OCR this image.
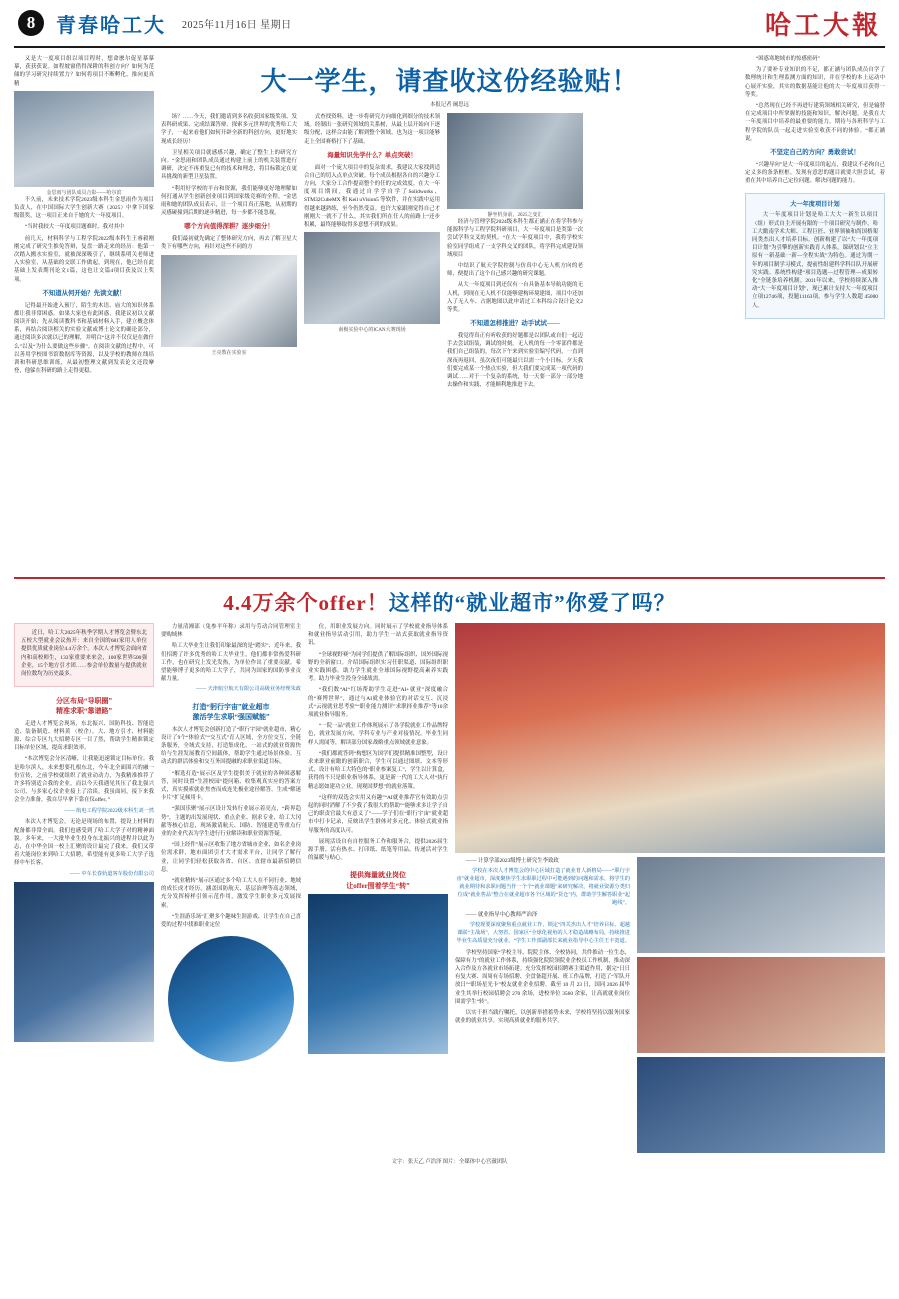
8	青春哈工大 2025年11月16日 星期日	哈工大報

又是大一度项目组以项目程时，想命麽尔促星摹摹摹，获获获说。如程坡窗借得深耕的科创方向？如何为范储的学习研究持续置力？如何将项目不断孵化、推向更真精

金思雨与团队成员合影——哈尔滨

不久前，未来技术学院2023级本科生金思雨作为项目负责人，在中国国际大学生创新大赛（2025）中拿下国家级银奖，这一项目正来自于她的大一年度项目。

“当时我较大一年度项目题难时，我对其中

前几天，材料科学与工程学院2022级本科生王睿毅刚刚完成了研究生推免答辩，复盘一路走来的经历：他第一次踏入搬水实验室，就被深深吸引了，继续系明关老师进入实验室，从基础的交联工作做起，到现在，他已经在此基础上发表期刊论文1篇，这也让文篇4项目获及以上奖项。

不知道从何开始？先读文献！

记得最开始进入预厅，陌生的木语、庙大的知识体系都让我非常困惑。如果大家也有此困惑，我建议初以文献阅读开始；先从阅读教科书和基础材料入手，建立概念体系，再结合阅读相关的实验文献或博士论文的确论部分，通过阅读多次就以已的理解，并明白“这并不仅仅是在做什么”以及“为什么要做这些步骤”。在阅读文献的过程中，可以善用学校图书馆数据库等资源，以及学校的教师在线培训和科研思维训练，从最初整理文献到发表论文还段摩登，他躲在科研的路上走得更稳。

大一学生，请查收这份经验贴！
本报记者 阚思远

场？……今天，我们邀请到多名收获国家级奖项、发表科研成果、完成结课答辩、探索多元世界的优秀哈工大学子，一起来看他们如何开辟全新的科创方向，更好地实现成长经历！

卫星相关项目就感感兴趣，确定了整生上的研究方向。“金思雨和团队成员通过构建上前上的机关装置进行调研，决定不再重复已有的技术和理念，将目标锁定在更具挑战的新型卫星装置。

“利用好学校的平台和资源，我们能够更好地理解如何打通从学生创新创业项目到国家级竞赛的全程。“金思雨和她的团队成员表示，让一个项目真正落地，从初期的灵感碰撞到后期的逐步精进，每一步都不能忽视。

哪个方向值得深耕？逐步细分！

我们最初就先确定了整体研究方向，再去了解卫星大类下有哪些方向，再针对这些不同的方

王亮教在实验室

式查找资料，进一步将研究方向细化到细分的技术领域。经制出一张研究领域的关系树，从最上层开始向下逐级分配，这样合由能了解到整个领域，也为这一项目能够走上全国赛格打下了基础。

海量知识先学什么？单点突破！

面对一个庞大项目中的复杂需求，我建议大家找到适合自己的切入点单点突破。每个成员根据各自的兴趣分工方向，大家分工合作提高整个的任的完成效度。在大一年度项目期间，我通过自学学自学了Solidworks、STM32CubeMX 和 Keil uVision5 等软件，并在实践中运用得越来越熟练，至今仍然受益。也许大家跟刚觉得自己才刚刚大一就不了什么，其实我们所在任人的前路上“还步积累，最终能够取得多意想不到的成果。

南极实验中心的ICAN大赛现场
静坐机身前，2025之变汇

经济与管理学院2024级本科生都正涵正在将学科参与能源科学与工程学院科研项目，大一年度项目是类第一次尝试学科交叉的契机。“在大一年度项目中，我将学校实验室同学组成了一支学科交叉的团队，将学科完成建设领域项目

中结识了航天学院控制与仿真中心无人机方向的老师，便提出了这个自己感兴趣的研究课题。

从大一年度项目到还仅有一台具备基本导航功能的无人机，到现在无人机不仅能够建构环境建图，项目中还加入了无人车、占据地图以此申请过工本科综合设计论文2等奖。

不知道怎样推进？动手试试——

我觉得真正有听收获的好题都是以团队或自们一起迈手去尝试组装，调试的时刻。无人机的每一个零部件都是我们自己组装的，每次下午来到实验室编写代码，一直到深夜再返回，虽次夜们可能最只以需一个小日标。夕天我们要完成某一个热点实验，但大我们要完成某一项代码的调试……对于一个复杂的系统，每一天要一部分一部分地去操作和实践，才能顺利地推进下去。

“困惑寒地域市的惊感密码”

为了要补专业知识的不足，都正涵与团队成员自学了数理统计和生理监测方面的知识，并在学校的本上运动中心展开实验，其实的数据基能让他的大一年度项目获得一等奖。

“总然现在已经不再进行建筑领域相关研究，但是输替在完成项目中所掌握的技能和知识，解决问题，是我在大一年度项目中培养的最重要的能力，期待与各班科学与工程学院的队员一起走进实验室收获不同的体验。“都正涵说。

不坚定自己的方向？勇敢尝试！

“兴趣导向”是大一年度项目的起点，我建议不必拘自己定义多的条条框框。发现有意思的题目就要大胆尝试，着重在其中培养自己定位问题、解决问题的能力。

大一年度项目计划

大一年度项目计划是哈工大大一新生以项目（组）形式自主开展有限的一个项目研究与制作。哈工大瞻南学术大师、工程巨匠、业界领袖和尚国格架同类杰出人才培养目标。创新构建了以“大一年度项目计划”为引擎的创新实践育人体系，课研划以“立主原有一新基础一新—全程实战”为特色。通过为期一年的项目制学习模式，提前性组建科学科目队开展研究实践。系统性构建“项目选题—过程管理—成果转化”全链条培养机制。2011年以来，学校持续深入推动“大一年度项目计划”，现已累计支持大一年度项目立项12746项，投题11163项，参与学生人数超 45000 人。

4.4万余个offer！这样的“就业超市”你爱了吗？

近日，哈工大2025年秋季学期人才博览会暨东北五校大型就业会议热开：来自全国的681家用人单位提供优质就业岗位4.4万余个。本次人才博览会面向省内和高校师生，133家重要来来会，100家世界500强企业，15个地方引才团……参会单位数量与提供就业岗位数均为历史最多。

分区布局“导职圈”
精准求职“靠谱路”

走进人才博览会现场，东北振兴、国防科技、智能造造、装备制造、材料黄 （校企），大、地方引才、材料能源、综合专区九大招聘专区一目了然，帮助学生精准锁定目标单位区域，提高求职效率。

“本次博览会分区清晰，让我能迅速锁定目标单位。我是哈尔滨人，未来想要扎根东北，今年北全面围兴的融一份宣传，之前学校就组织了就业动动力，为我精准推荐了许多特别适合我的企业，而以今天我遇见其压了我北强兴公司，与多家心仪企业接上了洽谈，我虽面同，接下来我会全力准备，我自尽早拿下靠在仪offer。”

—— 航电工程学院2022级本科生刘一然

本次人才博览会，无论是现场的布置，提设上材料的配备都非常全面。我们也感受到了哈工大学子对的精神面貌。多年来，一大批毕业生投身东北振兴的进程并以此为志，在中华全国一校上汇聚的设计最完了我来。我们又带着大能岗位来到哈工大招聘，希望能有更多哈工大学子选择中车长客。

—— 中车长春轨道客车股份有限公司

力量清湘部（兔参平年称）录用与劳动合同管理室主要购域林

哈工大毕业生让我们印象最深的是“踏实”、近年来，我们招聘了许多优秀的哈工大毕业生，他们都非常热爱科研工作，也在研究上发光发热，为单位作出了重要贡献。希望能够博子更多的哈工大学子，共同为国家的国防事业贡献力量。

—— 天津航空航天有限公司高级业务经理朱政

打造“躬行宇宙”就业超市
激活学生求职“强国赋能”

本次人才博览会创新打造了“职行宇园”就业超市，精心设计了9个“体验式”“交互式”育人区域，全方位交互，全链条服务，全域式支持，打造集成化、一站式的就业资源快给与生涯发展教育空间载体，帮助学生通过场景体验、互动式的群活体验和交互务国提融的求职业渠道目标。

“解选打造“展示区及学生提供美于就业的各种困惑解答，同时设置“生涯校园”提问箱、收集观真实应的答案方式，真实摸索就业焦查而成连先极业途径解答，生成“解迷卡片”扩足倾用卡。

“强国乐聚”展示区设计发转行业展示着亮点，“跨界趋势”，主题的出发展现状、重点企业、据求专业，给工大冈献等核心信息，现场激请航天、国防、智能建造等重点行业的企业代表为学生进行行业解读和职业资源答疑。

“国上经件”展示区收集了地方省城市企业、如名企业岗位需求群，地市面团引才大才需求平台，让同学了解行业，让同学们轻松获取各省、自区、直辖市最新招聘信息。

“就业精转”展示区通过多个哈工大人在不同行业、地域的成长成才经历，涵盖国防航天、基层治理等高志领域，充分发挥榜样引领示范作用，激发学生职业多元发展探索。

“生涯游乐场”汇聚多个趣味生涯游戏、让学生在自己喜爱的过程中找准职业定位

位，用职业发展方向。同时展示了学校就业指导体系和就业指导活动引用，助力学生一站式获取就业指导资讯。

“全球视野赛”为同学们提供了解国际组织、国外国际视野的全新窗口。介绍国际组织实习任职渠道、国际组织职业实践困惑。助力学生就业全球国际视野提高素养实践考。助力毕业生投身全球战需。

“我们数“AI“红场帮助学生走进“AI+就业”深度融合的“赛博世界”，通过与AI就业体验官的对话交互、沉浸式“云视就业思考验”“职业能力测评”求职择业推荐”等10余项就业指导服务。

“一院一品”就业工作体现展示了各学院就业工作品牌特色，就业发展方向，学科专业与产业对接情况，毕业生同样人需闻等，解读部分国家战略重点领域就业意象。

“我们都就答到“构想区为国学们提供精准国整型，设计求来职业前瞻的创新职合，学生可以通过图填、文本等形式、设计有哈工大特色的“职业参案复工”，学生以计算盒，获得的不只是职业指导体系，更是新一代的工大人对“执行精志愿如建功立业，现观国梦想”的就业落策。

“这样的双选会实用又有趣”“AI就业推荐官有效助点引起的同时消解了不少我了我很大的帮助”“能够求多让学子自己的职责官最大有意义了”——学子们在“职行宇宙”就业超市中打卡记录，反映出学生群体对多元化、体验式就业指导服务的高度认可。

展现活设自有自控服务工作和服务合，提供2026届生源手册、活有热水、打印纸、纸笔等用品，传递活对学生的温暖与贴心。

提供海量就业岗位
让offer围着学生“转”

—— 计算学部2023级博士研究生李致政

学校在本次人才博览会的中心区域打造了就业育人新格局——“职行宇宙”就业超市，深度聚焦学生求职职过程中可能遇到的问题和需求，将学生的就业期待和求职问题当作一个个“就业课题”来研究解决，将就业资源分类归位成“就业售品”整合在就业超市各个区域的“货仓”内，群助学生解答职业“起跑线”。

—— 就业指导中心教师严治泽

学校现要深度聚焦重点就业工作，锁定“四关杰出人才”培养目标、超越课联“主战场”，大努省、国家区“全球化视角的人才稳造战略布局，持续推进毕业生高质量充分就业。“学生工作部副部长来就业指导中心主任王丰宽道。

学校坚持国家“学校主导、院院主体、全校协同，共件推动一位生态，保障有力”的就业工作体系，持续强化院院领院业企校员工作机制，推动深入合作及方各就业市场拓建。充分发挥校园招聘赛主渠道作用，据完“日日有复大赛、周周有专场招聘、全盘备超开展、班工作品牌，打造了“军队开放日”“职场星光卡”校友就业企业招聘。截至 10 月 23 日，国同 2026 届毕业生其举行校园招聘会 270 余场，进校举位 3560 余家，让高就就业岗位围需学生“转”。

以实干担当践行嘱托，以创新举措蓄势未来，学校将坚持以服务国家就业的就业共享。实现高质就业的服务共学。

文字：张天乙 卢浩泽 图片：全媒体中心宫澈团队
